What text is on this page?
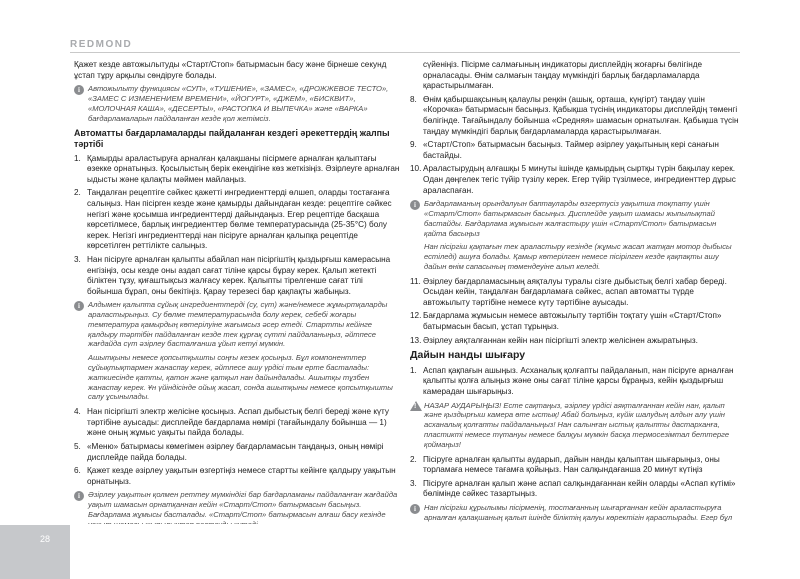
REDMOND

Қажет кезде автожылытуды «Старт/Стоп» батырмасын басу және бірнеше секунд ұстап тұру арқылы сөндіруге болады.

i	Автожылыту функциясы «СУП», «ТУШЕНИЕ», «ЗАМЕС», «ДРОЖЖЕВОЕ ТЕСТО», «ЗАМЕС С ИЗМЕНЕНИЕМ ВРЕМЕНИ», «ЙОГУРТ», «ДЖЕМ», «БИСКВИТ», «МОЛОЧНАЯ КАША», «ДЕСЕРТЫ», «РАСТОПКА И ВЫПЕЧКА» және «ВАРКА» бағдарламаларын пайдаланған кезде қол жетімсіз.

Автоматты бағдарламаларды пайдаланған кездегі әрекеттердің жалпы тәртібі
1. Қамырды араластыруға арналған қалақшаны пісірмеге арналған қалыптағы өзекке орнатыңыз. Қосылыстың берік екендігіне көз жеткізіңіз. Әзірлеуге арналған ыдысты және қалақты мәймен майлаңыз.
2. Таңдалған рецептіге сәйкес қажетті ингредиенттерді өлшеп, оларды тостағанға салыңыз. Нан пісірген кезде және қамырды дайындаған кезде: рецептіге сәйкес негізгі және қосымша ингредиенттерді дайындаңыз. Егер рецептіде басқаша көрсетілмесе, барлық ингредиенттер бөлме температурасында (25-35°C) болу керек. Негізгі ингредиенттерді нан пісіруге арналған қалыпқа рецептіде көрсетілген реттілікте салыңыз.
3. Нан пісіруге арналған қалыпты абайлап нан пісіргіштің қыздырғыш камерасына енгізіңіз, осы кезде оны аздап сағат тіліне қарсы бұрау керек. Қалып жетекті біліктен тұзу, қиғаштықсыз жалғасу керек. Қалыпты тірелгенше сағат тілі бойынша бұрап, оны бекітіңіз. Қарау терезесі бар қақпақты жабыңыз.
i	Алдымен қалыпта сұйық ингредиенттерді (су, сүт) және/немесе жұмыртқаларды араластырыңыз. Су бөлме температурасында болу керек, себебі жоғары температура қамырдың көтерілуіне жағымсыз әсер етеді. Стартты кейінге қалдыру тәртібін пайдаланған кезде тек құрғақ сүтті пайдаланыңыз, әйтпесе жағдайда сүт әзірлеу басталғанша ұйып кетуі мүмкін.

Ашытқыны немесе қопсытқышты соңғы кезек қосыңыз. Бұл компоненттер сұйықтықтармен жанаспау керек, әйтпесе ашу үрдісі тым ерте басталады: жаткиесінде қатты, қатон және қатқыл нан дайындалады. Ашытқы тұзбен жанаспау керек. Ұн үйіндісінде ойық жасап, сонда ашытқыны немесе қопсытқышты салу ұсынылады.

4. Нан пісіргішті электр желісіне қосыңыз. Аспап дыбыстық белгі береді және күту тәртібіне ауысады: дисплейде бағдарлама нөмірі (тағайындалу бойынша — 1) және оның жұмыс уақыты пайда болады.
5. «Меню» батырмасы көмегімен әзірлеу бағдарламасын таңдаңыз, оның нөмірі дисплейде пайда болады.
6. Қажет кезде әзірлеу уақытын өзгертіңіз немесе стартты кейінге қалдыру уақытын орнатыңыз.
i	Әзірлеу уақытын қолмен реттеу мүмкіндігі бар бағдарламаны пайдаланған жағдайда уақыт шамасын орнатқаннан кейін «Старт/Стоп» батырмасын басыңыз. Бағдарлама жұмысы басталады. «Старт/Стоп» батырмасын алғаш басу кезінде

сүйеніңіз. Пісірме салмағының индикаторы дисплейдің жоғарғы бөлігінде орналасады. Өнім салмағын таңдау мүмкіндігі барлық бағдарламаларда қарастырылмаған.

8. Өнім қабыршақсының қалаулы реңкін (ашық, орташа, күңгірт) таңдау үшін «Корочка» батырмасын басыңыз. Қабықша түсінің индикаторы дисплейдің төменгі бөлігінде. Тағайындалу бойынша «Средняя» шамасын орнатылған. Қабықша түсін таңдау мүмкіндігі барлық бағдарламаларда қарастырылмаған.
9. «Старт/Стоп» батырмасын басыңыз. Таймер әзірлеу уақытының кері санағын бастайды.
10. Араластырудың алғашқы 5 минуты ішінде қамырдың сыртқы түрін бақылау керек. Одан дөңгелек тегіс түйір түзілу керек. Егер түйір түзілмесе, ингредиенттер дұрыс араласпаған.
i	Бағдарламаның орындалуын баптауларды өзгертусіз уақытша тоқтату үшін «Старт/Стоп» батырмасын басыңыз. Дисплейде уақыт шамасы жыпылықтай бастайды. Бағдарлама жұмысын жалғастыру үшін «Старт/Стоп» батырмасын қайта басыңыз

Нан пісіргіш қақпағын тек араластыру кезінде (жұмыс жасап жатқан мотор дыбысы естіледі) ашуға болады. Қамыр көтерілген немесе пісірілген кезде қақпақты ашу дайын өнім сапасының төмендеуіне алып келеді.

11. Әзірлеу бағдарламасының аяқталуы туралы сізге дыбыстық белгі хабар береді. Осыдан кейін, таңдалған бағдарламаға сәйкес, аспап автоматты түрде автожылыту тәртібіне немесе күту тәртібіне ауысады.
12. Бағдарлама жұмысын немесе автожылыту тәртібін тоқтату үшін «Старт/Стоп» батырмасын басып, ұстап тұрыңыз.
13. Әзірлеу аяқталғаннан кейін нан пісіргішті электр желісінен ажыратыңыз.
Дайын нанды шығару
1. Аспап қақпағын ашыңыз. Асханалық қолғапты пайдаланып, нан пісіруге арналған қалыпты қолға алыңыз және оны сағат тіліне қарсы бұраңыз, кейін қыздырғыш камерадан шығарыңыз.
! НАЗАР АУДАРЫҢЫЗ! Есте сақтаңыз, әзірлеу үрдісі аяқталғаннан кейін нан, қалып және қыздырғыш камера өте ыстық! Абай болыңыз, күйік шалудың алдын алу үшін асханалық қолғапты пайдаланыңыз! Нан салынған ыстық қалыпты дастарханға, пластикті немесе түтануы немесе балқуы мүмкін басқа термосезімтал беттерге қоймаңыз!

2. Пісіруге арналған қалыпты аударып, дайын нанды қалыптан шығарыңыз, оны торламаға немесе тағамға қойыңыз. Нан салқындағанша 20 минут күтіңіз
3. Пісіруге арналған қалып және аспап салқындағаннан кейін оларды «Аспап күтімі» бөлімінде сәйкес тазартыңыз.
i	Нан пісіргіш құрылымы пісірменің, тостағанның шығарғаннан кейін араластыруға арналған қалақшаның қалып ішінде біліктің қалуы көректігін қарастырады. Егер бұл

28
